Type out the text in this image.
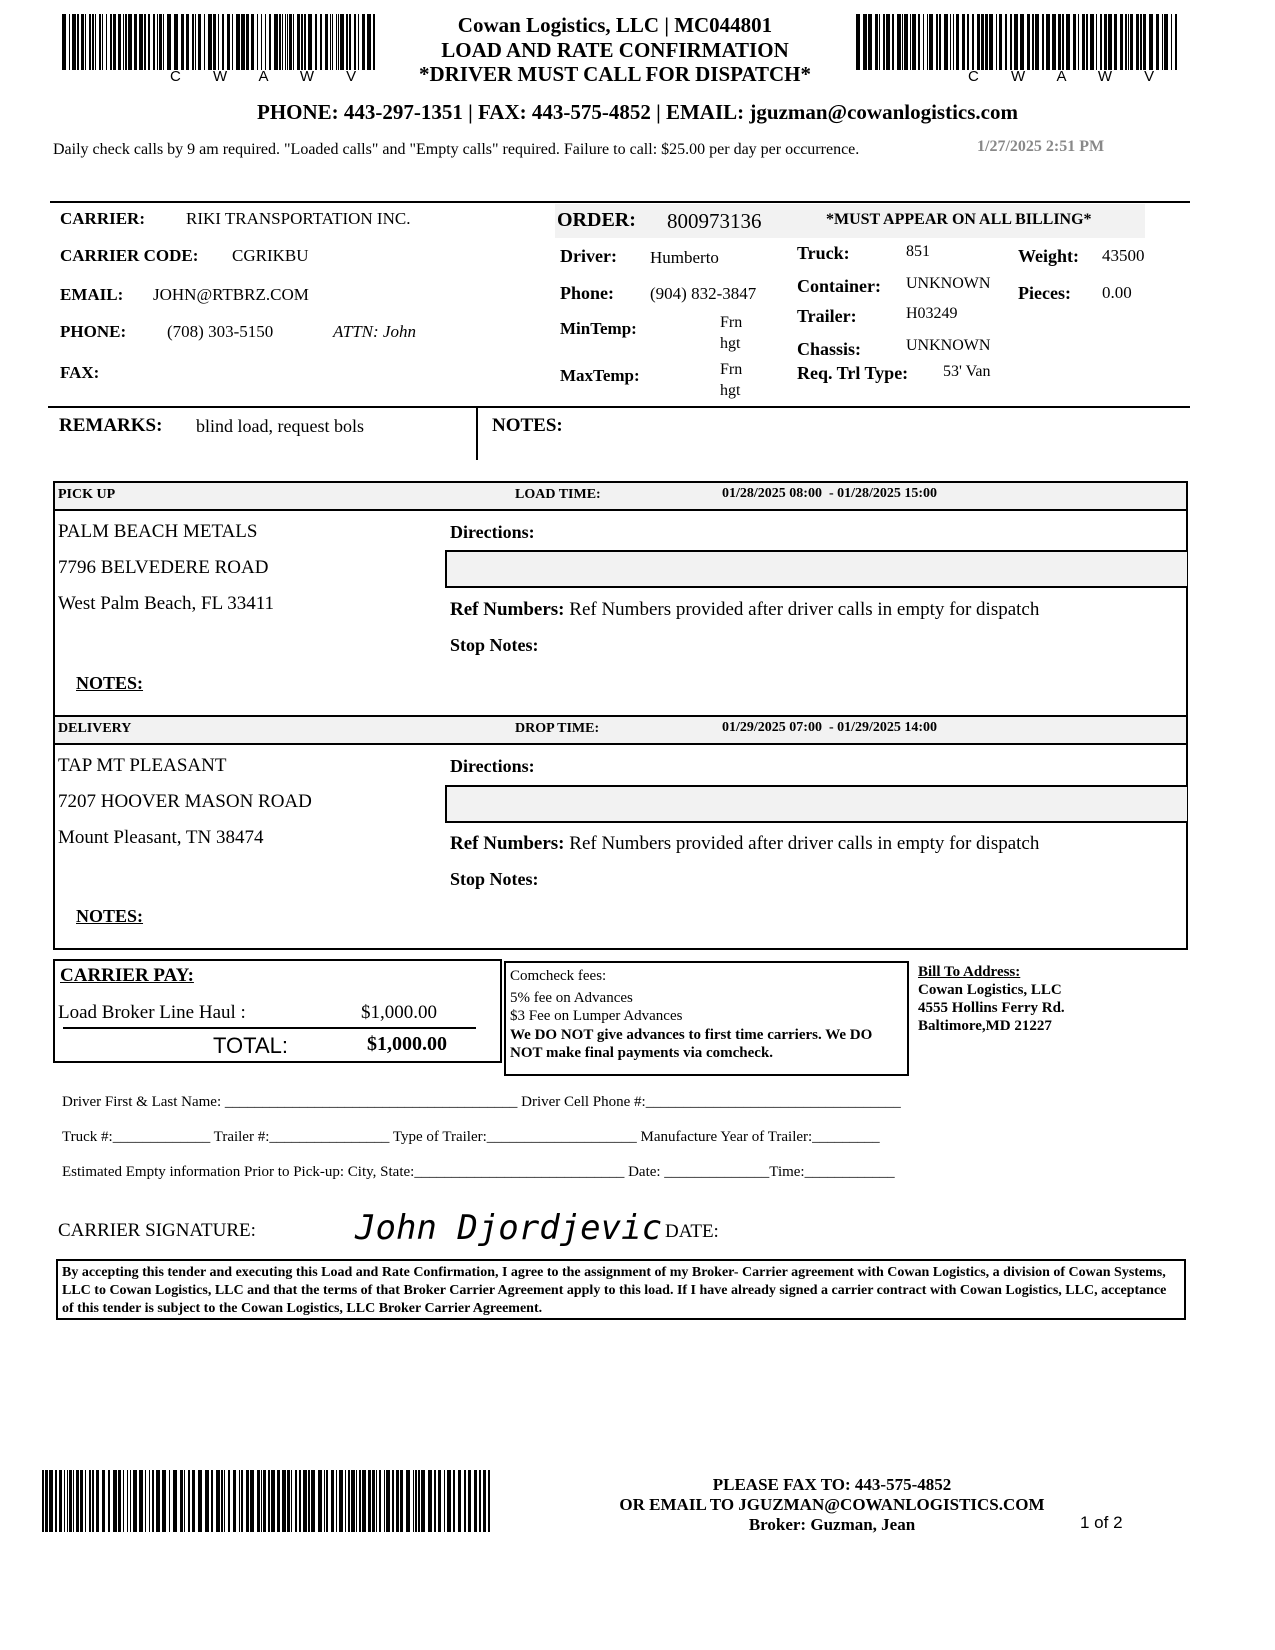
C W A W V	C W A W V
Cowan Logistics, LLC | MC044801
LOAD AND RATE CONFIRMATION
*DRIVER MUST CALL FOR DISPATCH*
PHONE: 443-297-1351 | FAX: 443-575-4852 | EMAIL: jguzman@cowanlogistics.com
Daily check calls by 9 am required. "Loaded calls" and "Empty calls" required. Failure to call: $25.00 per day per occurrence.	1/27/2025 2:51 PM
CARRIER: RIKI TRANSPORTATION INC.
CARRIER CODE: CGRIKBU
EMAIL: JOHN@RTBRZ.COM
PHONE: (708) 303-5150	ATTN: John
FAX:
ORDER: 800973136	*MUST APPEAR ON ALL BILLING*
Driver: Humberto
Phone: (904) 832-3847
MinTemp:	Frn
hgt
MaxTemp:	Frn
hgt
Truck:	851
Container: UNKNOWN
Trailer:	H03249
Chassis:	UNKNOWN
Req. Trl Type: 53' Van
Weight: 43500
Pieces: 0.00
REMARKS: blind load, request bols	NOTES:
PICK UP	LOAD TIME:	01/28/2025 08:00  - 01/28/2025 15:00
PALM BEACH METALS
7796 BELVEDERE ROAD
West Palm Beach, FL 33411
Directions:
Ref Numbers: Ref Numbers provided after driver calls in empty for dispatch
Stop Notes:
NOTES:
DELIVERY	DROP TIME:	01/29/2025 07:00  - 01/29/2025 14:00
TAP MT PLEASANT
7207 HOOVER MASON ROAD
Mount Pleasant, TN 38474
Directions:
Ref Numbers: Ref Numbers provided after driver calls in empty for dispatch
Stop Notes:
NOTES:
CARRIER PAY:
Load Broker Line Haul :	$1,000.00
TOTAL:	$1,000.00
Comcheck fees:
5% fee on Advances
$3 Fee on Lumper Advances
We DO NOT give advances to first time carriers. We DO NOT make final payments via comcheck.
Bill To Address:
Cowan Logistics, LLC
4555 Hollins Ferry Rd.
Baltimore,MD 21227
Driver First & Last Name: _______________________________________ Driver Cell Phone #:__________________________________
Truck #:_____________ Trailer #:________________ Type of Trailer:____________________ Manufacture Year of Trailer:_________
Estimated Empty information Prior to Pick-up: City, State:____________________________ Date: ______________Time:____________
CARRIER SIGNATURE:	John Djordjevic DATE:
By accepting this tender and executing this Load and Rate Confirmation, I agree to the assignment of my Broker- Carrier agreement with Cowan Logistics, a division of Cowan Systems, LLC to Cowan Logistics, LLC and that the terms of that Broker Carrier Agreement apply to this load. If I have already signed a carrier contract with Cowan Logistics, LLC, acceptance of this tender is subject to the Cowan Logistics, LLC Broker Carrier Agreement.
PLEASE FAX TO: 443-575-4852
OR EMAIL TO JGUZMAN@COWANLOGISTICS.COM
Broker: Guzman, Jean	1 of 2
